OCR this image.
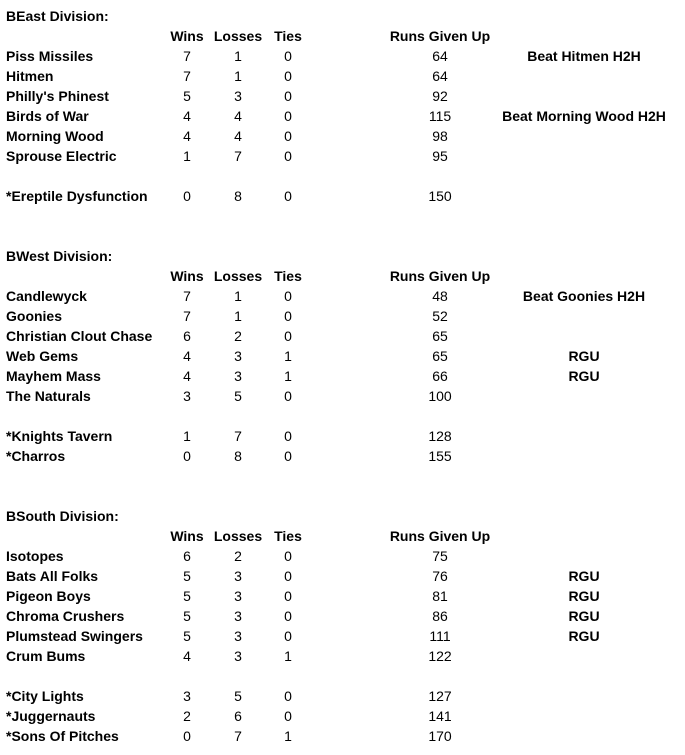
BEast Division:
Wins Losses Ties	Runs Given Up
Piss Missiles	7	1	0	64	Beat Hitmen H2H
Hitmen	7	1	0	64
Philly's Phinest	5	3	0	92
Birds of War	4	4	0	115	Beat Morning Wood H2H
Morning Wood	4	4	0	98
Sprouse Electric	1	7	0	95
*Ereptile Dysfunction	0	8	0	150
BWest Division:
Wins Losses Ties	Runs Given Up
Candlewyck	7	1	0	48	Beat Goonies H2H
Goonies	7	1	0	52
Christian Clout Chase	6	2	0	65
Web Gems	4	3	1	65	RGU
Mayhem Mass	4	3	1	66	RGU
The Naturals	3	5	0	100
*Knights Tavern	1	7	0	128
*Charros	0	8	0	155
BSouth Division:
Wins Losses Ties	Runs Given Up
Isotopes	6	2	0	75
Bats All Folks	5	3	0	76	RGU
Pigeon Boys	5	3	0	81	RGU
Chroma Crushers	5	3	0	86	RGU
Plumstead Swingers	5	3	0	111	RGU
Crum Bums	4	3	1	122
*City Lights	3	5	0	127
*Juggernauts	2	6	0	141
*Sons Of Pitches	0	7	1	170
